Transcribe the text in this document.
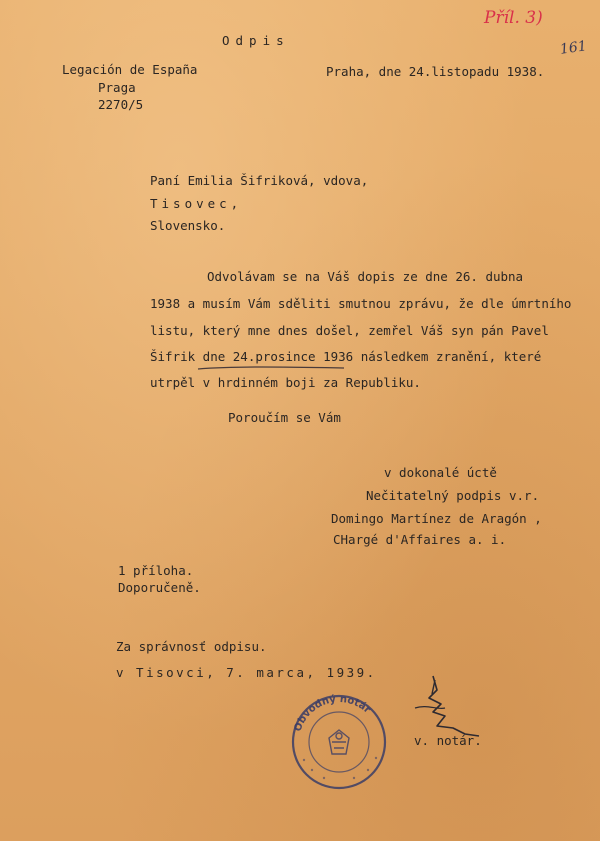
Příl. 3)
161
Odpis
Legación de España
Praga
2270/5
Praha, dne 24.listopadu 1938.
Paní Emilia Šifriková, vdova,
Tisovec,
Slovensko.
Odvolávam se na Váš dopis ze dne 26. dubna
1938 a musím Vám sděliti smutnou zprávu, že dle úmrtního
listu, který mne dnes došel, zemřel Váš syn pán Pavel
Šifrik dne 24.prosince 1936 následkem zranění, které
utrpěl v hrdinném boji za Republiku.
Poroučím se Vám
v dokonalé úctě
Nečitatelný podpis v.r.
Domingo Martínez de Aragón ,
CHargé d'Affaires a. i.
1 příloha.
Doporučeně.
Za správnosť odpisu.
v Tisovci, 7. marca, 1939.
v. notár.
Obvodný notár
